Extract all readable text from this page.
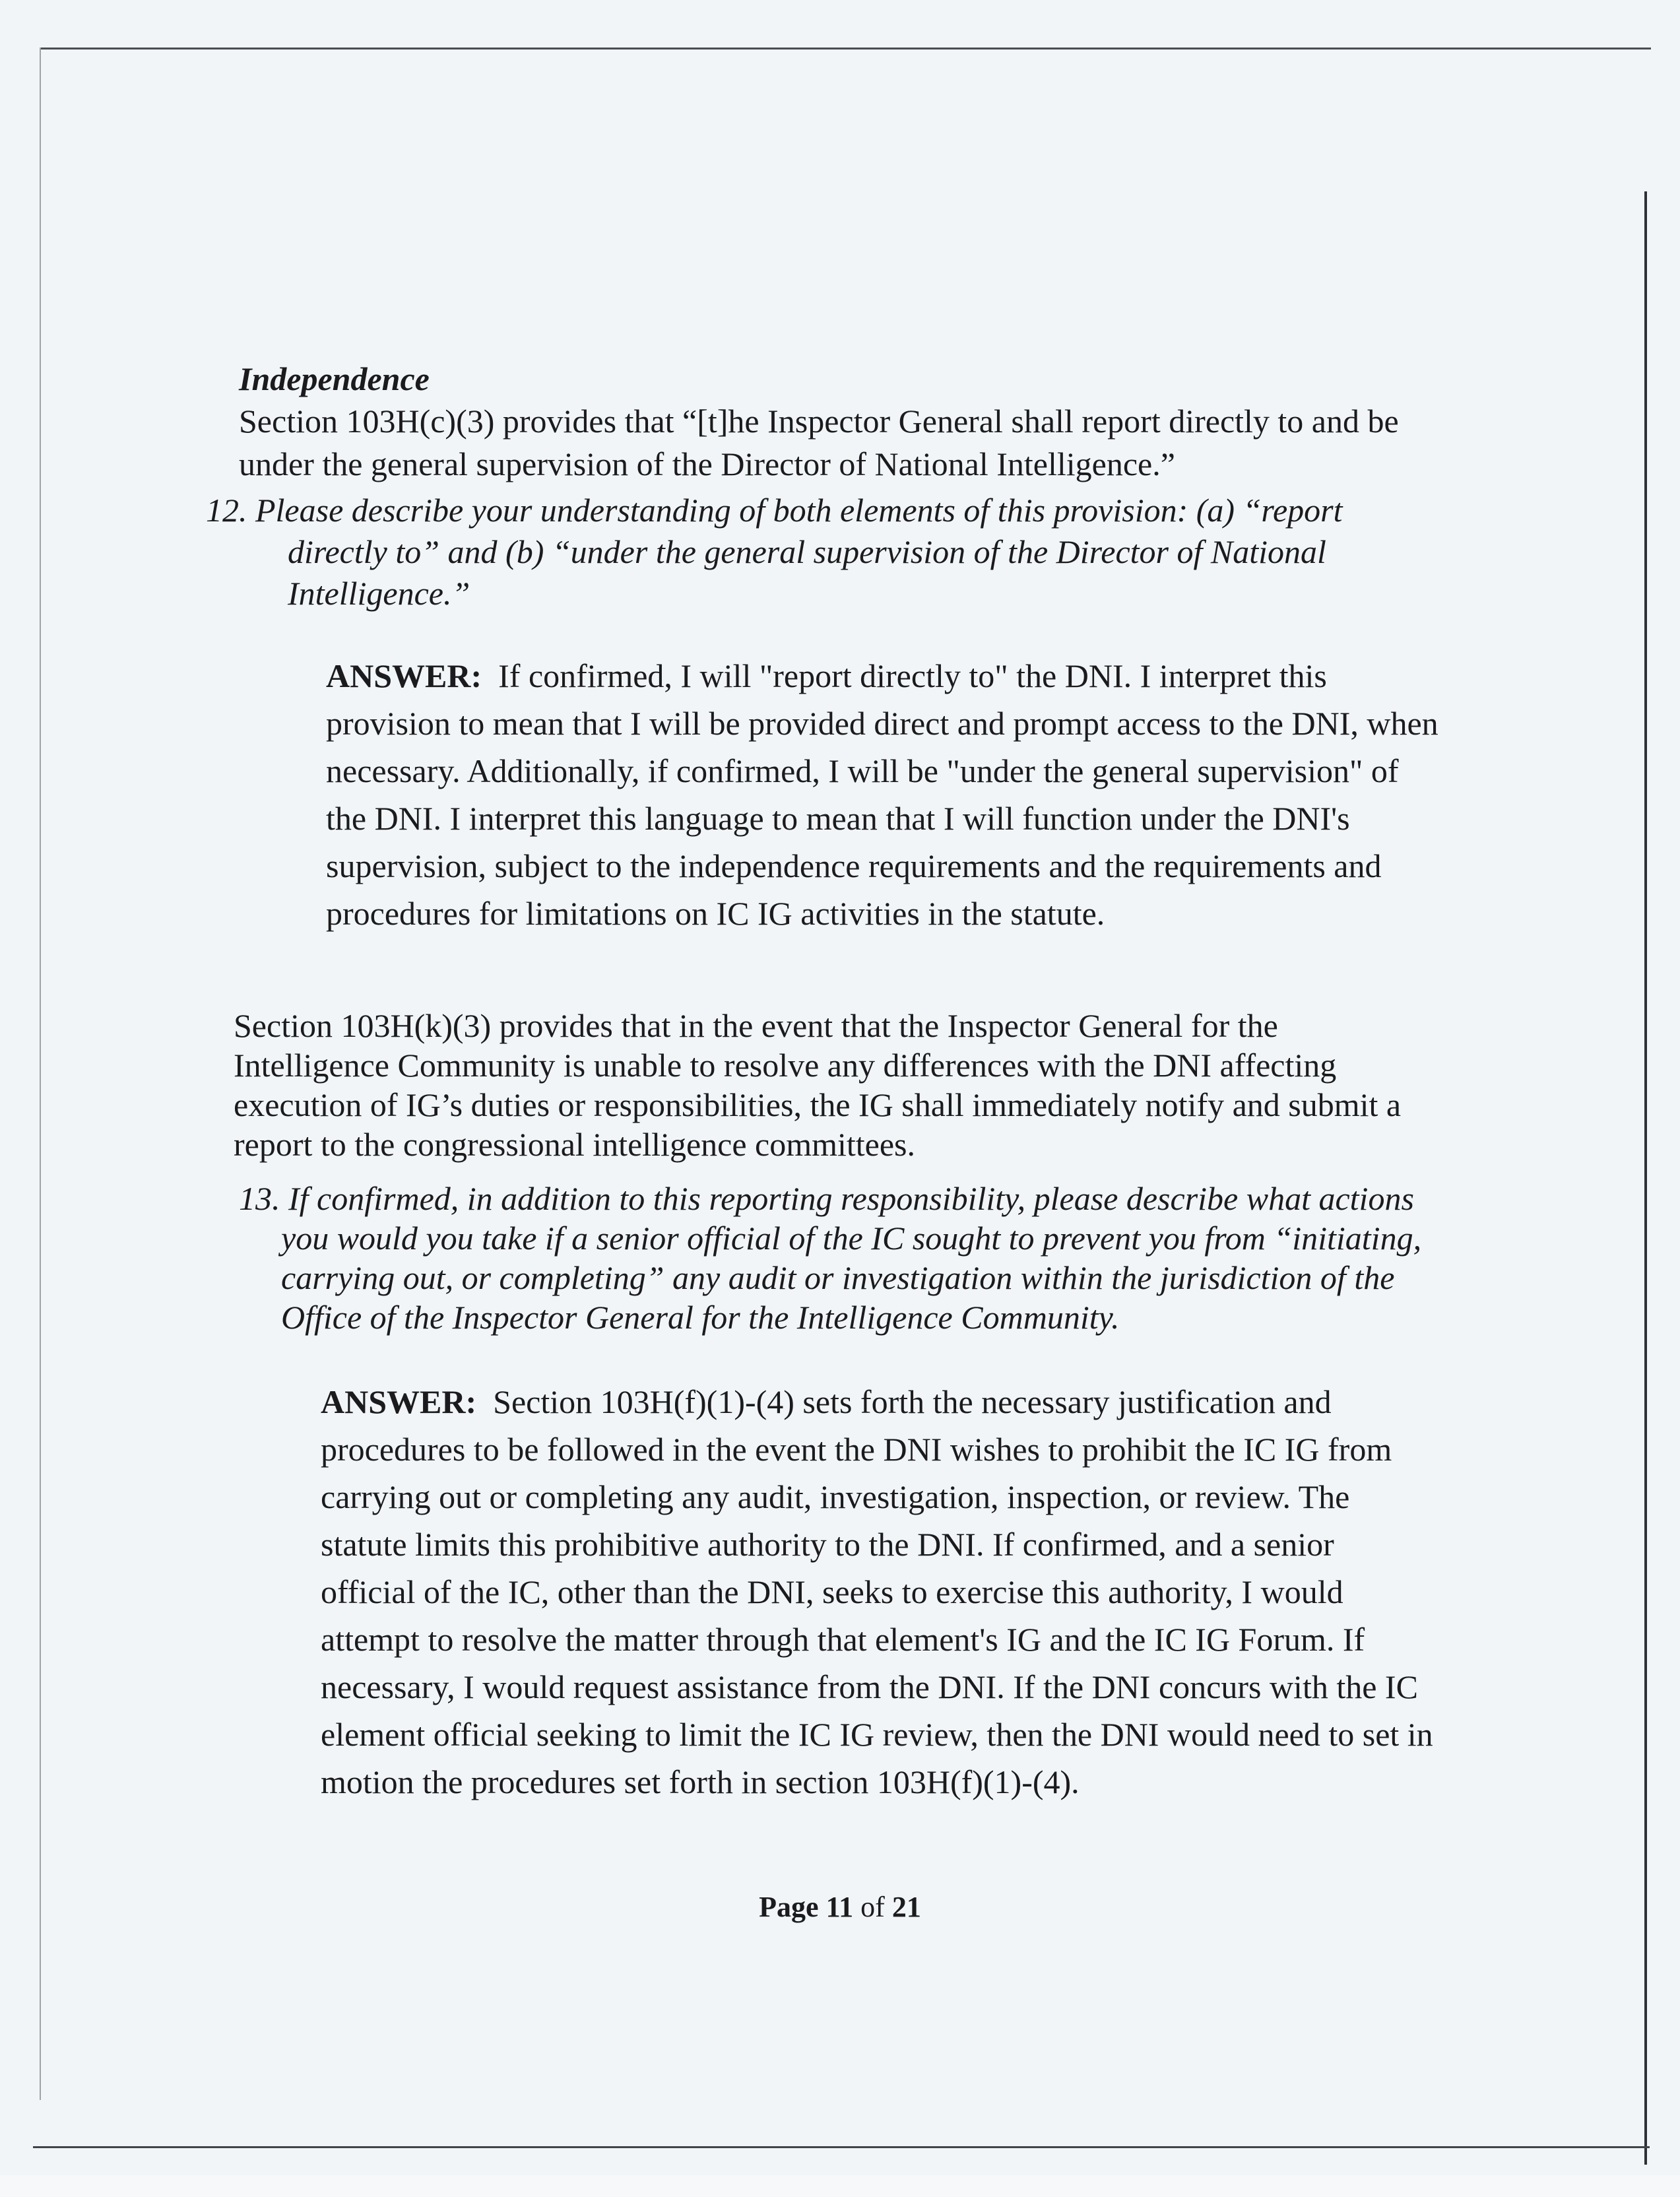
Independence
Section 103H(c)(3) provides that “[t]he Inspector General shall report directly to and be
under the general supervision of the Director of National Intelligence.”
12. Please describe your understanding of both elements of this provision: (a) “report
directly to” and (b) “under the general supervision of the Director of National
Intelligence.”
ANSWER: If confirmed, I will "report directly to" the DNI. I interpret this
provision to mean that I will be provided direct and prompt access to the DNI, when
necessary. Additionally, if confirmed, I will be "under the general supervision" of
the DNI. I interpret this language to mean that I will function under the DNI's
supervision, subject to the independence requirements and the requirements and
procedures for limitations on IC IG activities in the statute.
Section 103H(k)(3) provides that in the event that the Inspector General for the
Intelligence Community is unable to resolve any differences with the DNI affecting
execution of IG’s duties or responsibilities, the IG shall immediately notify and submit a
report to the congressional intelligence committees.
13. If confirmed, in addition to this reporting responsibility, please describe what actions
you would you take if a senior official of the IC sought to prevent you from “initiating,
carrying out, or completing” any audit or investigation within the jurisdiction of the
Office of the Inspector General for the Intelligence Community.
ANSWER: Section 103H(f)(1)-(4) sets forth the necessary justification and
procedures to be followed in the event the DNI wishes to prohibit the IC IG from
carrying out or completing any audit, investigation, inspection, or review. The
statute limits this prohibitive authority to the DNI. If confirmed, and a senior
official of the IC, other than the DNI, seeks to exercise this authority, I would
attempt to resolve the matter through that element's IG and the IC IG Forum. If
necessary, I would request assistance from the DNI. If the DNI concurs with the IC
element official seeking to limit the IC IG review, then the DNI would need to set in
motion the procedures set forth in section 103H(f)(1)-(4).
Page 11 of 21
